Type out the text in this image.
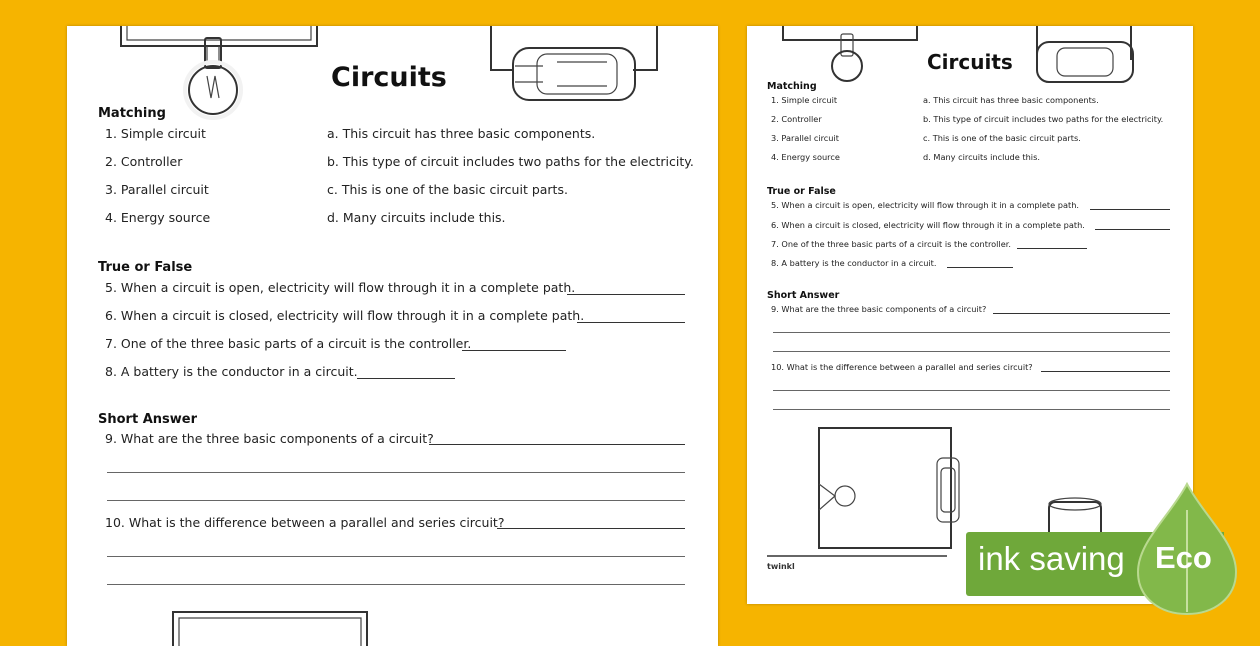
Circuits
Matching
1. Simple circuit
2. Controller
3. Parallel circuit
4. Energy source
a. This circuit has three basic components.
b. This type of circuit includes two paths for the electricity.
c. This is one of the basic circuit parts.
d. Many circuits include this.
True or False
5. When a circuit is open, electricity will flow through it in a complete path.
6. When a circuit is closed, electricity will flow through it in a complete path.
7. One of the three basic parts of a circuit is the controller.
8. A battery is the conductor in a circuit.
Short Answer
9. What are the three basic components of a circuit?
10. What is the difference between a parallel and series circuit?
twinkl
Circuits
Matching
1. Simple circuit
2. Controller
3. Parallel circuit
4. Energy source
a. This circuit has three basic components.
b. This type of circuit includes two paths for the electricity.
c. This is one of the basic circuit parts.
d. Many circuits include this.
True or False
5. When a circuit is open, electricity will flow through it in a complete path.
6. When a circuit is closed, electricity will flow through it in a complete path.
7. One of the three basic parts of a circuit is the controller.
8. A battery is the conductor in a circuit.
Short Answer
9. What are the three basic components of a circuit?
10. What is the difference between a parallel and series circuit?
ink saving Eco
